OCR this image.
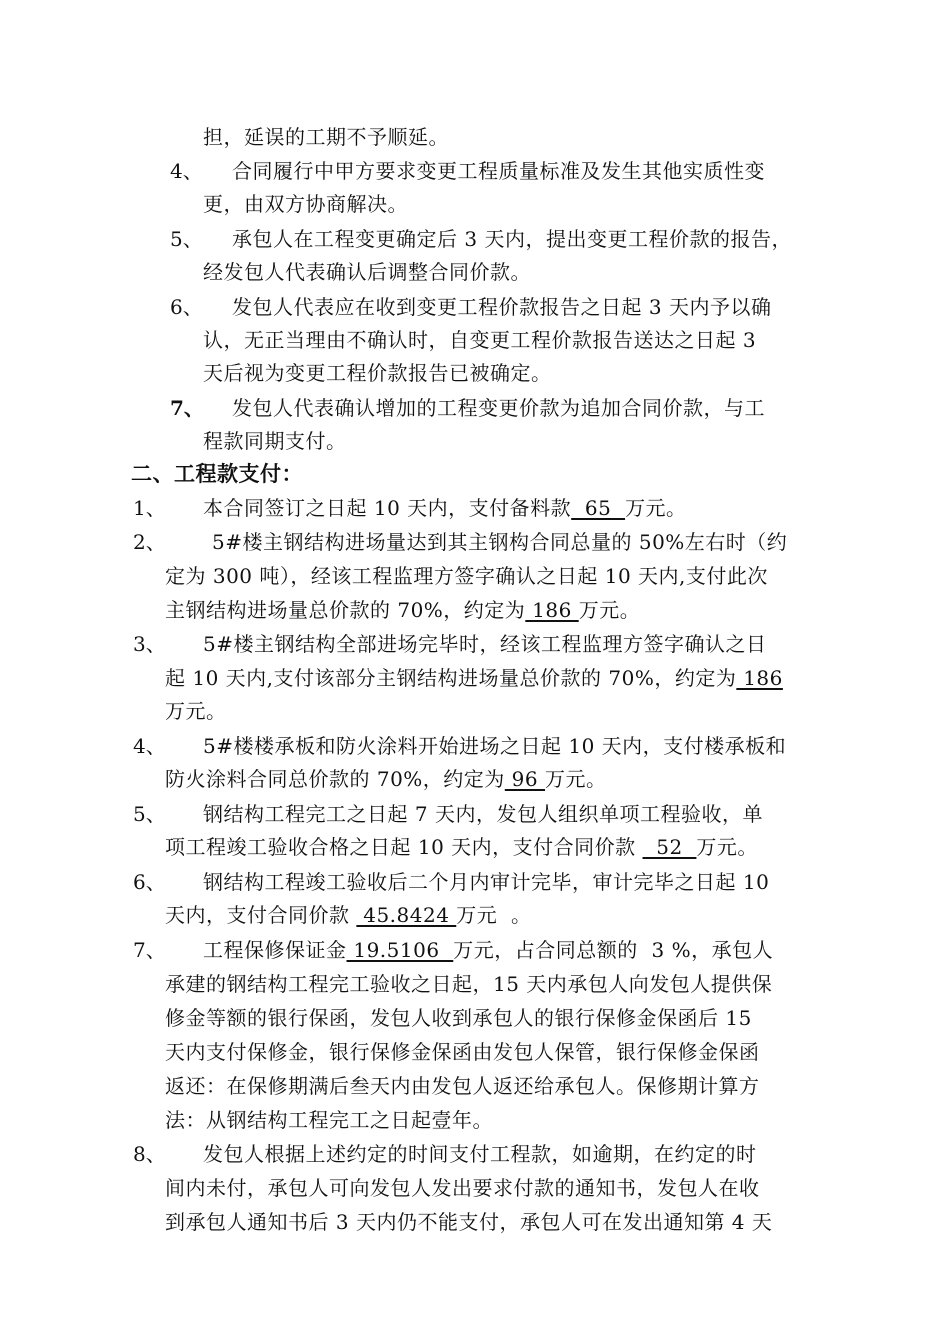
担，延误的工期不予顺延。
4、 合同履行中甲方要求变更工程质量标准及发生其他实质性变
更，由双方协商解决。
5、 承包人在工程变更确定后 3 天内，提出变更工程价款的报告，
经发包人代表确认后调整合同价款。
6、 发包人代表应在收到变更工程价款报告之日起 3 天内予以确
认，无正当理由不确认时，自变更工程价款报告送达之日起 3
天后视为变更工程价款报告已被确定。
7、 发包人代表确认增加的工程变更价款为追加合同价款，与工
程款同期支付。
二、工程款支付：
1、 本合同签订之日起 10 天内，支付备料款  65  万元。
2、 5#楼主钢结构进场量达到其主钢构合同总量的 50%左右时（约
定为 300 吨），经该工程监理方签字确认之日起 10 天内,支付此次
主钢结构进场量总价款的 70%，约定为 186 万元。
3、 5#楼主钢结构全部进场完毕时，经该工程监理方签字确认之日
起 10 天内,支付该部分主钢结构进场量总价款的 70%，约定为 186
万元。
4、 5#楼楼承板和防火涂料开始进场之日起 10 天内，支付楼承板和
防火涂料合同总价款的 70%，约定为 96 万元。
5、 钢结构工程完工之日起 7 天内，发包人组织单项工程验收，单
项工程竣工验收合格之日起 10 天内，支付合同价款   52  万元。
6、 钢结构工程竣工验收后二个月内审计完毕，审计完毕之日起 10
天内，支付合同价款  45.8424 万元  。
7、 工程保修保证金 19.5106  万元，占合同总额的  3 %，承包人
承建的钢结构工程完工验收之日起，15 天内承包人向发包人提供保
修金等额的银行保函，发包人收到承包人的银行保修金保函后 15
天内支付保修金，银行保修金保函由发包人保管，银行保修金保函
返还：在保修期满后叁天内由发包人返还给承包人。保修期计算方
法：从钢结构工程完工之日起壹年。
8、 发包人根据上述约定的时间支付工程款，如逾期，在约定的时
间内未付，承包人可向发包人发出要求付款的通知书，发包人在收
到承包人通知书后 3 天内仍不能支付，承包人可在发出通知第 4 天
